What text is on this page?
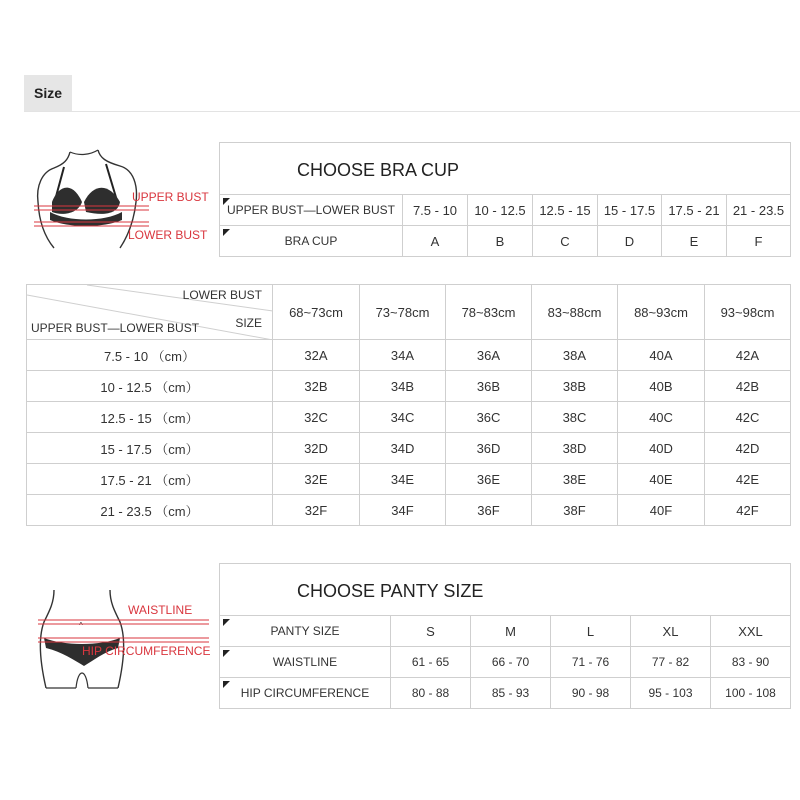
Size
UPPER BUST
LOWER BUST
CHOOSE BRA CUP
UPPER BUST—LOWER BUST	7.5 - 10	10 - 12.5	12.5 - 15	15 - 17.5	17.5 - 21	21 - 23.5
BRA CUP	A	B	C	D	E	F
LOWER BUST
SIZE
UPPER BUST—LOWER BUST	68~73cm	73~78cm	78~83cm	83~88cm	88~93cm	93~98cm
7.5 - 10 （cm）	32A	34A	36A	38A	40A	42A
10 - 12.5 （cm）	32B	34B	36B	38B	40B	42B
12.5 - 15 （cm）	32C	34C	36C	38C	40C	42C
15 - 17.5 （cm）	32D	34D	36D	38D	40D	42D
17.5 - 21 （cm）	32E	34E	36E	38E	40E	42E
21 - 23.5 （cm）	32F	34F	36F	38F	40F	42F
^
WAISTLINE
HIP CIRCUMFERENCE
CHOOSE PANTY SIZE
PANTY SIZE	S	M	L	XL	XXL
WAISTLINE	61 - 65	66 - 70	71 - 76	77 - 82	83 - 90
HIP CIRCUMFERENCE	80 - 88	85 - 93	90 - 98	95 - 103	100 - 108
